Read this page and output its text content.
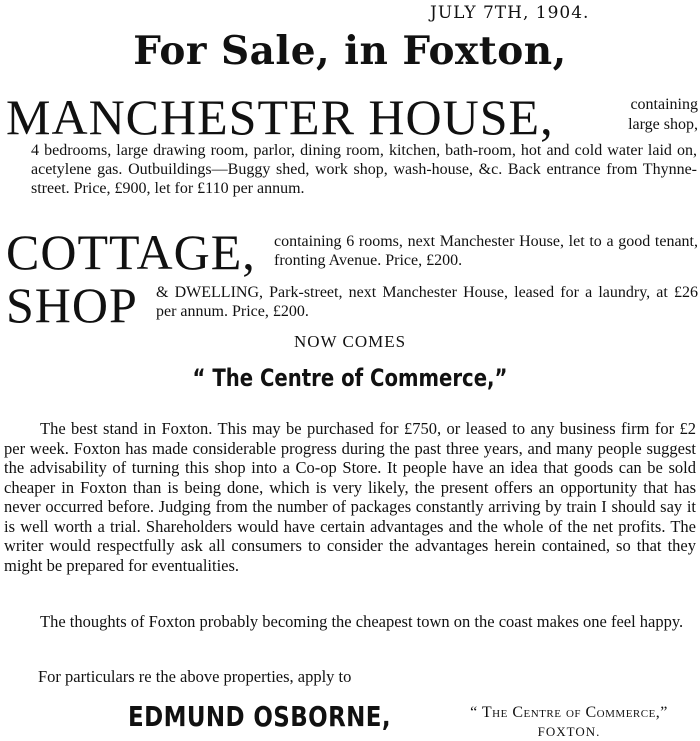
JULY 7TH, 1904.
For Sale, in Foxton,
MANCHESTER HOUSE,	containing
large shop,
4 bedrooms, large drawing room, parlor, dining room, kitchen, bath-room, hot and cold water laid on, acetylene gas. Outbuildings—Buggy shed, work shop, wash-house, &c. Back entrance from Thynne-street. Price, £900, let for £110 per annum.
COTTAGE, containing 6 rooms, next Manchester House, let to a good tenant, fronting Avenue. Price, £200.
SHOP & DWELLING, Park-street, next Manchester House, leased for a laundry, at £26 per annum. Price, £200.
NOW COMES
“ The Centre of Commerce,”
The best stand in Foxton. This may be purchased for £750, or leased to any business firm for £2 per week. Foxton has made considerable progress during the past three years, and many people suggest the advisability of turning this shop into a Co-op Store. It people have an idea that goods can be sold cheaper in Foxton than is being done, which is very likely, the present offers an opportunity that has never occurred before. Judging from the number of packages constantly arriving by train I should say it is well worth a trial. Shareholders would have certain advantages and the whole of the net profits. The writer would respectfully ask all consumers to consider the advantages herein contained, so that they might be prepared for eventualities.
The thoughts of Foxton probably becoming the cheapest town on the coast makes one feel happy.
For particulars re the above properties, apply to
EDMUND OSBORNE,	“ The Centre of Commerce,”
FOXTON.
